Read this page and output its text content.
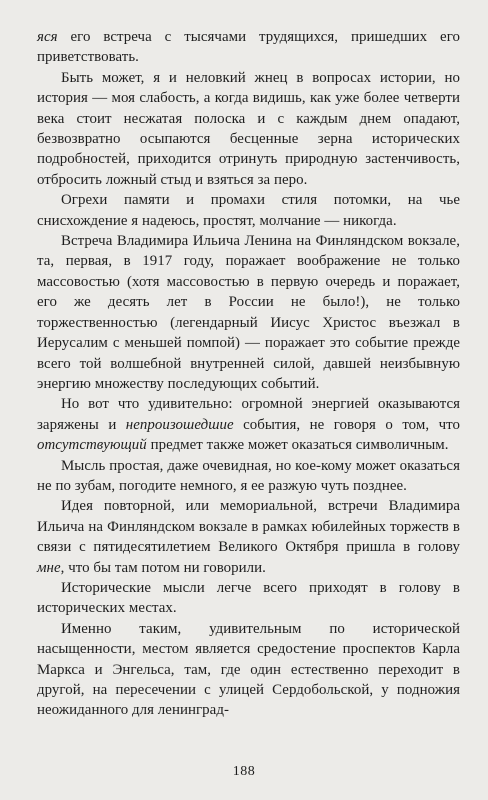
яся его встреча с тысячами трудящихся, пришедших его приветствовать.

Быть может, я и неловкий жнец в вопросах истории, но история — моя слабость, а когда видишь, как уже более четверти века стоит несжатая полоска и с каждым днем опадают, безвозвратно осыпаются бесценные зерна исторических подробностей, приходится отринуть природную застенчивость, отбросить ложный стыд и взяться за перо.

Огрехи памяти и промахи стиля потомки, на чье снисхождение я надеюсь, простят, молчание — никогда.

Встреча Владимира Ильича Ленина на Финляндском вокзале, та, первая, в 1917 году, поражает воображение не только массовостью (хотя массовостью в первую очередь и поражает, его же десять лет в России не было!), не только торжественностью (легендарный Иисус Христос въезжал в Иерусалим с меньшей помпой) — поражает это событие прежде всего той волшебной внутренней силой, давшей неизбывную энергию множеству последующих событий.

Но вот что удивительно: огромной энергией оказываются заряжены и непроизошедшие события, не говоря о том, что отсутствующий предмет также может оказаться символичным.

Мысль простая, даже очевидная, но кое-кому может оказаться не по зубам, погодите немного, я ее разжую чуть позднее.

Идея повторной, или мемориальной, встречи Владимира Ильича на Финляндском вокзале в рамках юбилейных торжеств в связи с пятидесятилетием Великого Октября пришла в голову мне, что бы там потом ни говорили.

Исторические мысли легче всего приходят в голову в исторических местах.

Именно таким, удивительным по исторической насыщенности, местом является средостение проспектов Карла Маркса и Энгельса, там, где один естественно переходит в другой, на пересечении с улицей Сердобольской, у подножия неожиданного для ленинград-

188
